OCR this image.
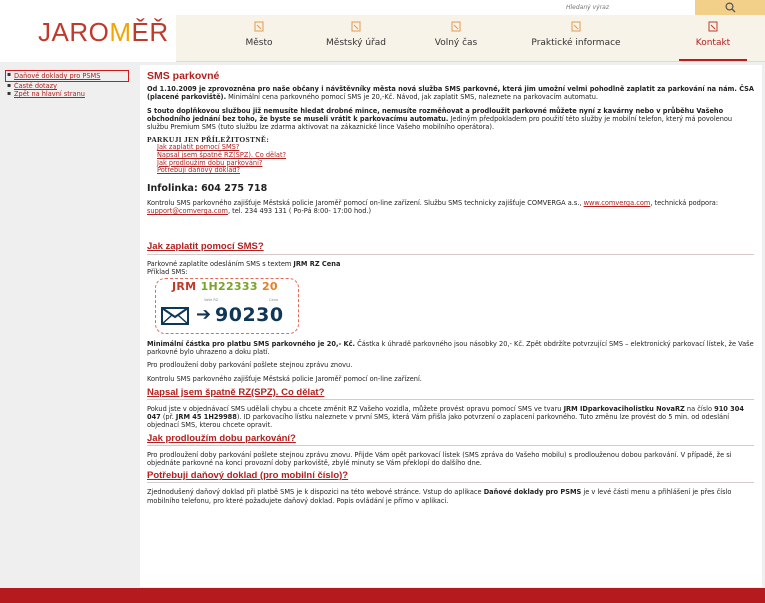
JAROMĚŘ
Hledaný výraz	Město	Městský úřad	Volný čas	Praktické informace	Kontakt
▪ Daňové doklady pro PSMS
▪ Časté dotazy
▪ Zpět na hlavní stranu
SMS parkovné

Od 1.10.2009 je zprovozněna pro naše občany i návštěvníky města nová služba SMS parkovné, která jim umožní velmi pohodlně zaplatit za parkování na nám. ČSA (placené parkoviště). Minimální cena parkovného pomocí SMS je 20,-Kč. Návod, jak zaplatit SMS, naleznete na parkovacím automatu.

S touto doplňkovou službou již nemusíte hledat drobné mince, nemusíte rozměňovat a prodloužit parkovné můžete nyní z kavárny nebo v průběhu Vašeho obchodního jednání bez toho, že byste se museli vrátit k parkovacímu automatu. Jediným předpokladem pro použití této služby je mobilní telefon, který má povolenou službu Premium SMS (tuto službu lze zdarma aktivovat na zákaznické lince Vašeho mobilního operátora).

PARKUJI JEN PŘÍLEŽITOSTNĚ:
Jak zaplatit pomocí SMS?
Napsal jsem špatně RZ(SPZ). Co dělat?
Jak prodloužím dobu parkování?
Potřebuji daňový doklad?
Infolinka: 604 275 718

Kontrolu SMS parkovného zajišťuje Městská policie Jaroměř pomocí on-line zařízení. Službu SMS technicky zajišťuje COMVERGA a.s., www.comverga.com, technická podpora: support@comverga.com, tel. 234 493 131 ( Po-Pá 8:00- 17:00 hod.)

Jak zaplatit pomocí SMS?

Parkovné zaplatíte odesláním SMS s textem JRM RZ Cena

Příklad SMS:

JRM 1H22333 20
Vaše RZ	Cena
➔ 90230

Minimální částka pro platbu SMS parkovného je 20,- Kč. Částka k úhradě parkovného jsou násobky 20,- Kč. Zpět obdržíte potvrzující SMS – elektronický parkovací lístek, že Vaše parkovné bylo uhrazeno a doku platí.

Pro prodloužení doby parkování pošlete stejnou zprávu znovu.

Kontrolu SMS parkovného zajišťuje Městská policie Jaroměř pomocí on-line zařízení.

Napsal jsem špatně RZ(SPZ). Co dělat?

Pokud jste v objednávací SMS udělali chybu a chcete změnit RZ Vašeho vozidla, můžete provést opravu pomocí SMS ve tvaru JRM IDparkovaciholistku NovaRZ na číslo 910 304 047 (př. JRM 45 1H29988). ID parkovacího lístku naleznete v první SMS, která Vám přišla jako potvrzení o zaplacení parkovného. Tuto změnu lze provést do 5 min. od odeslání objednací SMS, kterou chcete opravit.

Jak prodloužím dobu parkování?

Pro prodloužení doby parkování pošlete stejnou zprávu znovu. Přijde Vám opět parkovací lístek (SMS zpráva do Vašeho mobilu) s prodlouženou dobou parkování. V případě, že si objednáte parkovné na konci provozní doby parkoviště, zbylé minuty se Vám překlopí do dalšího dne.

Potřebuji daňový doklad (pro mobilní číslo)?

Zjednodušený daňový doklad při platbě SMS je k dispozici na této webové stránce. Vstup do aplikace Daňové doklady pro PSMS je v levé části menu a přihlášení je přes číslo mobilního telefonu, pro které požadujete daňový doklad. Popis ovládání je přímo v aplikaci.
